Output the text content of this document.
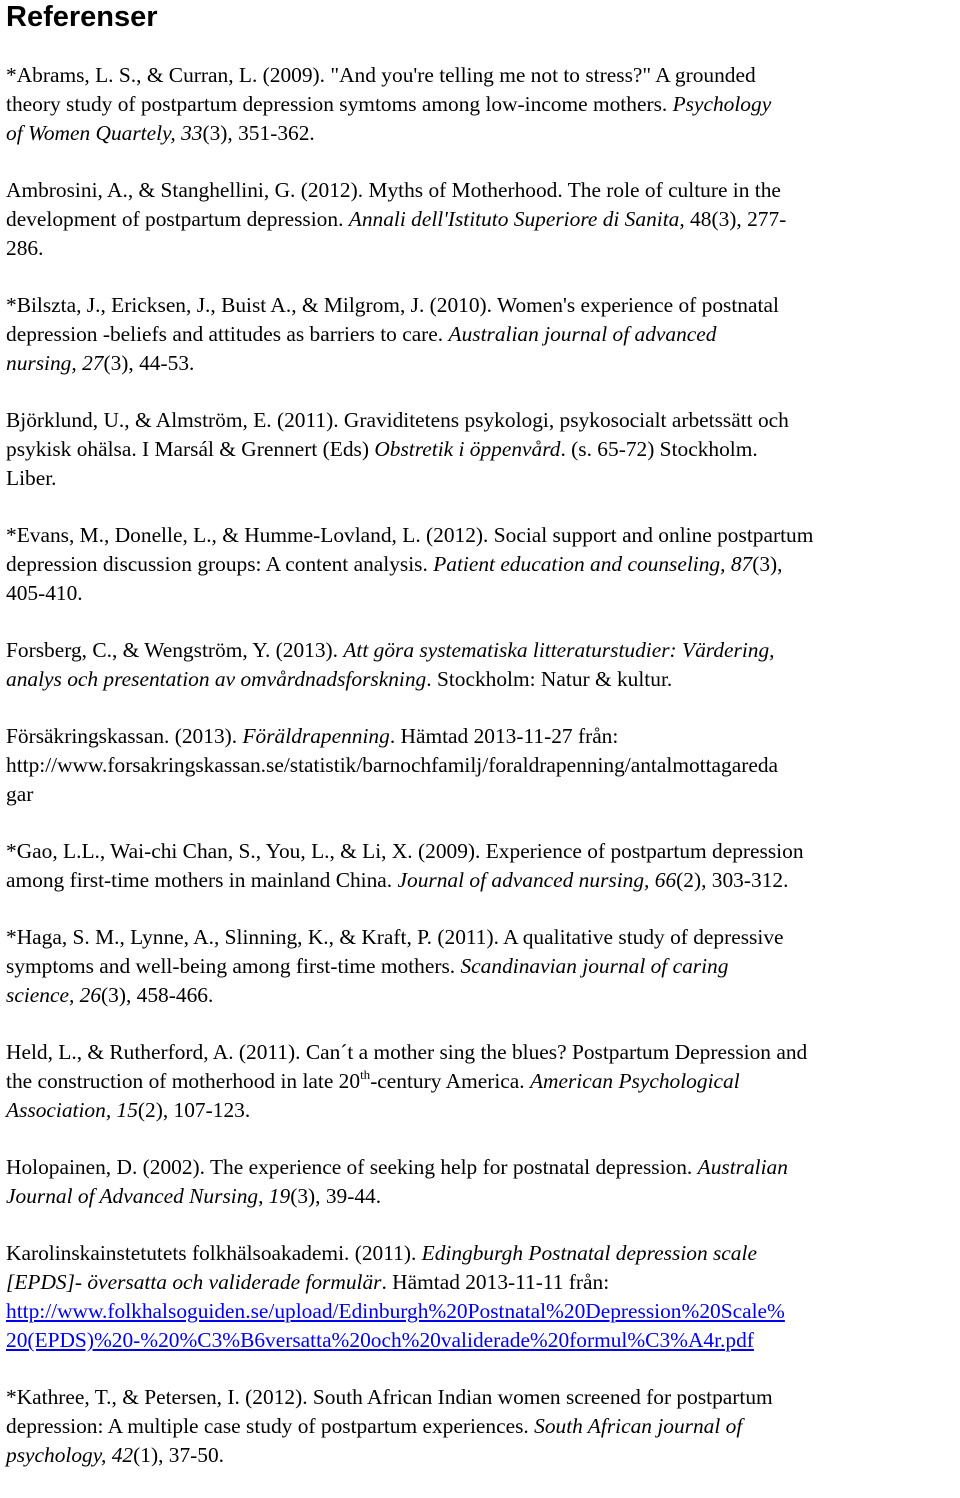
Referenser

*Abrams, L. S., & Curran, L. (2009). "And you're telling me not to stress?" A grounded
theory study of postpartum depression symtoms among low-income mothers. Psychology
of Women Quartely, 33(3), 351-362.

Ambrosini, A., & Stanghellini, G. (2012). Myths of Motherhood. The role of culture in the
development of postpartum depression. Annali dell'Istituto Superiore di Sanita, 48(3), 277-
286.

*Bilszta, J., Ericksen, J., Buist A., & Milgrom, J. (2010). Women's experience of postnatal
depression -beliefs and attitudes as barriers to care. Australian journal of advanced
nursing, 27(3), 44-53.

Björklund, U., & Almström, E. (2011). Graviditetens psykologi, psykosocialt arbetssätt och
psykisk ohälsa. I Marsál & Grennert (Eds) Obstretik i öppenvård. (s. 65-72) Stockholm.
Liber.

*Evans, M., Donelle, L., & Humme-Lovland, L. (2012). Social support and online postpartum
depression discussion groups: A content analysis. Patient education and counseling, 87(3),
405-410.

Forsberg, C., & Wengström, Y. (2013). Att göra systematiska litteraturstudier: Värdering,
analys och presentation av omvårdnadsforskning. Stockholm: Natur & kultur.

Försäkringskassan. (2013). Föräldrapenning. Hämtad 2013-11-27 från:
http://www.forsakringskassan.se/statistik/barnochfamilj/foraldrapenning/antalmottagareda
gar

*Gao, L.L., Wai-chi Chan, S., You, L., & Li, X. (2009). Experience of postpartum depression
among first-time mothers in mainland China. Journal of advanced nursing, 66(2), 303-312.

*Haga, S. M., Lynne, A., Slinning, K., & Kraft, P. (2011). A qualitative study of depressive
symptoms and well-being among first-time mothers. Scandinavian journal of caring
science, 26(3), 458-466.

Held, L., & Rutherford, A. (2011). Can´t a mother sing the blues? Postpartum Depression and
the construction of motherhood in late 20th-century America. American Psychological
Association, 15(2), 107-123.

Holopainen, D. (2002). The experience of seeking help for postnatal depression. Australian
Journal of Advanced Nursing, 19(3), 39-44.

Karolinskainstetutets folkhälsoakademi. (2011). Edingburgh Postnatal depression scale
[EPDS]- översatta och validerade formulär. Hämtad 2013-11-11 från:
http://www.folkhalsoguiden.se/upload/Edinburgh%20Postnatal%20Depression%20Scale%
20(EPDS)%20-%20%C3%B6versatta%20och%20validerade%20formul%C3%A4r.pdf

*Kathree, T., & Petersen, I. (2012). South African Indian women screened for postpartum
depression: A multiple case study of postpartum experiences. South African journal of
psychology, 42(1), 37-50.
